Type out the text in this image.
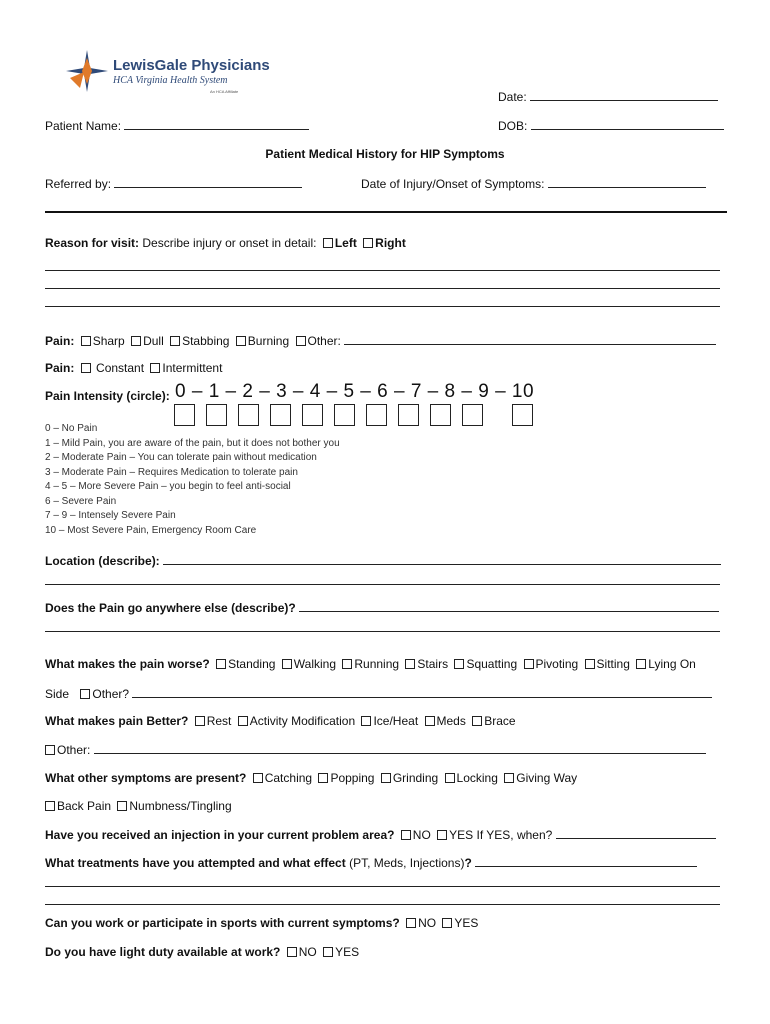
LewisGale Physicians
HCA Virginia Health System
An HCA Affiliate	Date:
Patient Name:	DOB:
Patient Medical History for HIP Symptoms
Referred by:	Date of Injury/Onset of Symptoms:
Reason for visit: Describe injury or onset in detail: Left Right
Pain: Sharp Dull Stabbing Burning Other:
Pain: Constant Intermittent
Pain Intensity (circle): 0 – 1 – 2 – 3 – 4 – 5 – 6 – 7 – 8 – 9 – 10
0 – No Pain
1 – Mild Pain, you are aware of the pain, but it does not bother you
2 – Moderate Pain – You can tolerate pain without medication
3 – Moderate Pain – Requires Medication to tolerate pain
4 – 5 – More Severe Pain – you begin to feel anti-social
6 – Severe Pain
7 – 9 – Intensely Severe Pain
10 – Most Severe Pain, Emergency Room Care
Location (describe):
Does the Pain go anywhere else (describe)?
What makes the pain worse? Standing Walking Running Stairs Squatting Pivoting Sitting Lying On
Side Other?
What makes pain Better? Rest Activity Modification Ice/Heat Meds Brace
Other:
What other symptoms are present? Catching Popping Grinding Locking Giving Way
Back Pain Numbness/Tingling
Have you received an injection in your current problem area? NO YES If YES, when?
What treatments have you attempted and what effect (PT, Meds, Injections)?
Can you work or participate in sports with current symptoms? NO YES
Do you have light duty available at work? NO YES
